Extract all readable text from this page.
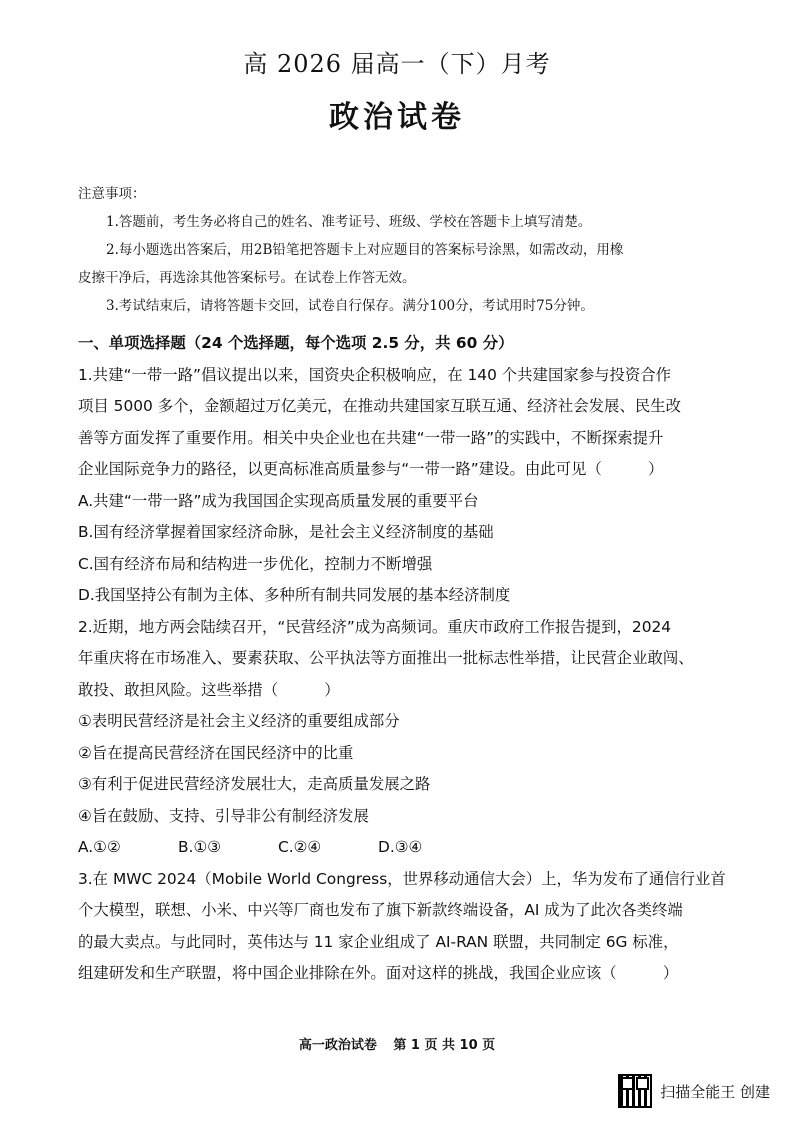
高 2026 届高一（下）月考
政治试卷
注意事项：
1.答题前，考生务必将自己的姓名、准考证号、班级、学校在答题卡上填写清楚。
2.每小题选出答案后，用2B铅笔把答题卡上对应题目的答案标号涂黑，如需改动，用橡
皮擦干净后，再选涂其他答案标号。在试卷上作答无效。
3.考试结束后，请将答题卡交回，试卷自行保存。满分100分，考试用时75分钟。

一、单项选择题（24 个选择题，每个选项 2.5 分，共 60 分）

1.共建“一带一路”倡议提出以来，国资央企积极响应，在 140 个共建国家参与投资合作

项目 5000 多个，金额超过万亿美元，在推动共建国家互联互通、经济社会发展、民生改

善等方面发挥了重要作用。相关中央企业也在共建“一带一路”的实践中，不断探索提升

企业国际竞争力的路径，以更高标准高质量参与“一带一路”建设。由此可见（　　　）

A.共建“一带一路”成为我国国企实现高质量发展的重要平台

B.国有经济掌握着国家经济命脉，是社会主义经济制度的基础

C.国有经济布局和结构进一步优化，控制力不断增强

D.我国坚持公有制为主体、多种所有制共同发展的基本经济制度

2.近期，地方两会陆续召开，“民营经济”成为高频词。重庆市政府工作报告提到，2024

年重庆将在市场准入、要素获取、公平执法等方面推出一批标志性举措，让民营企业敢闯、

敢投、敢担风险。这些举措（　　　）

①表明民营经济是社会主义经济的重要组成部分

②旨在提高民营经济在国民经济中的比重

③有利于促进民营经济发展壮大，走高质量发展之路

④旨在鼓励、支持、引导非公有制经济发展

A.①②	B.①③	C.②④	D.③④

3.在 MWC 2024（Mobile World Congress，世界移动通信大会）上，华为发布了通信行业首

个大模型，联想、小米、中兴等厂商也发布了旗下新款终端设备，AI 成为了此次各类终端

的最大卖点。与此同时，英伟达与 11 家企业组成了 AI-RAN 联盟，共同制定 6G 标准，

组建研发和生产联盟，将中国企业排除在外。面对这样的挑战，我国企业应该（　　　）

高一政治试卷 第 1 页 共 10 页
扫描全能王 创建
